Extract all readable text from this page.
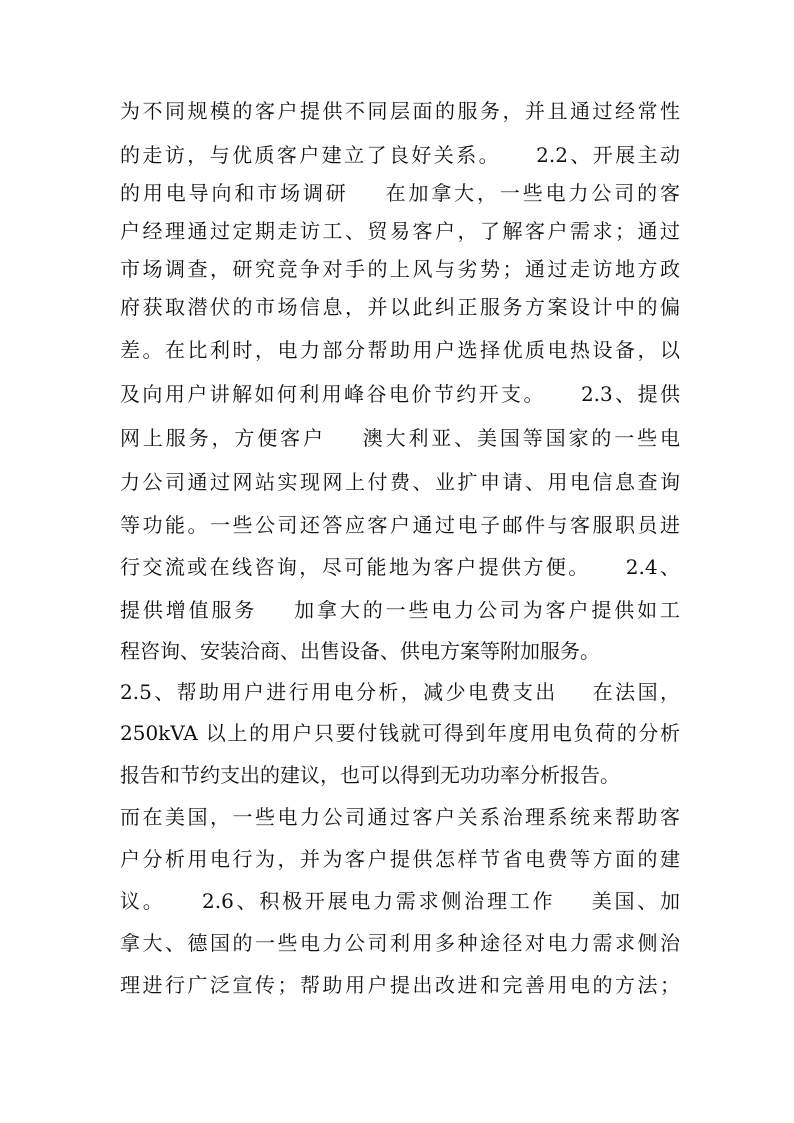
为不同规模的客户提供不同层面的服务，并且通过经常性
的走访，与优质客户建立了良好关系。    2.2、开展主动
的用电导向和市场调研    在加拿大，一些电力公司的客
户经理通过定期走访工、贸易客户，了解客户需求；通过
市场调查，研究竞争对手的上风与劣势；通过走访地方政
府获取潜伏的市场信息，并以此纠正服务方案设计中的偏
差。在比利时，电力部分帮助用户选择优质电热设备，以
及向用户讲解如何利用峰谷电价节约开支。    2.3、提供
网上服务，方便客户    澳大利亚、美国等国家的一些电
力公司通过网站实现网上付费、业扩申请、用电信息查询
等功能。一些公司还答应客户通过电子邮件与客服职员进
行交流或在线咨询，尽可能地为客户提供方便。    2.4、
提供增值服务    加拿大的一些电力公司为客户提供如工
程咨询、安装洽商、出售设备、供电方案等附加服务。
2.5、帮助用户进行用电分析，减少电费支出    在法国，
250kVA 以上的用户只要付钱就可得到年度用电负荷的分析
报告和节约支出的建议，也可以得到无功功率分析报告。
而在美国，一些电力公司通过客户关系治理系统来帮助客
户分析用电行为，并为客户提供怎样节省电费等方面的建
议。    2.6、积极开展电力需求侧治理工作    美国、加
拿大、德国的一些电力公司利用多种途径对电力需求侧治
理进行广泛宣传；帮助用户提出改进和完善用电的方法；
